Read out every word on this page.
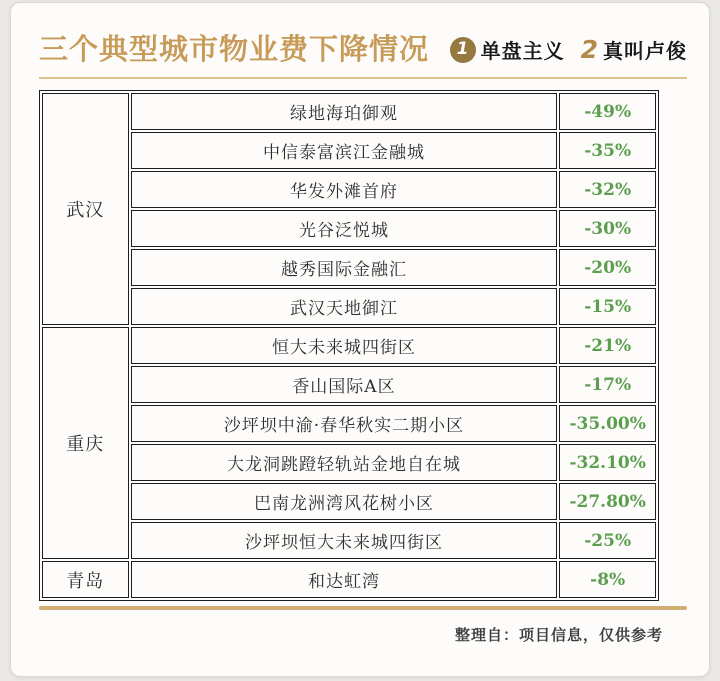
三个典型城市物业费下降情况	1 单盘主义 2 真叫卢俊
武汉	绿地海珀御观	-49%
	中信泰富滨江金融城	-35%
	华发外滩首府	-32%
	光谷泛悦城	-30%
	越秀国际金融汇	-20%
	武汉天地御江	-15%
重庆	恒大未来城四街区	-21%
	香山国际A区	-17%
	沙坪坝中渝·春华秋实二期小区	-35.00%
	大龙洞跳蹬轻轨站金地自在城	-32.10%
	巴南龙洲湾风花树小区	-27.80%
	沙坪坝恒大未来城四街区	-25%
青岛	和达虹湾	-8%
整理自：项目信息，仅供参考
